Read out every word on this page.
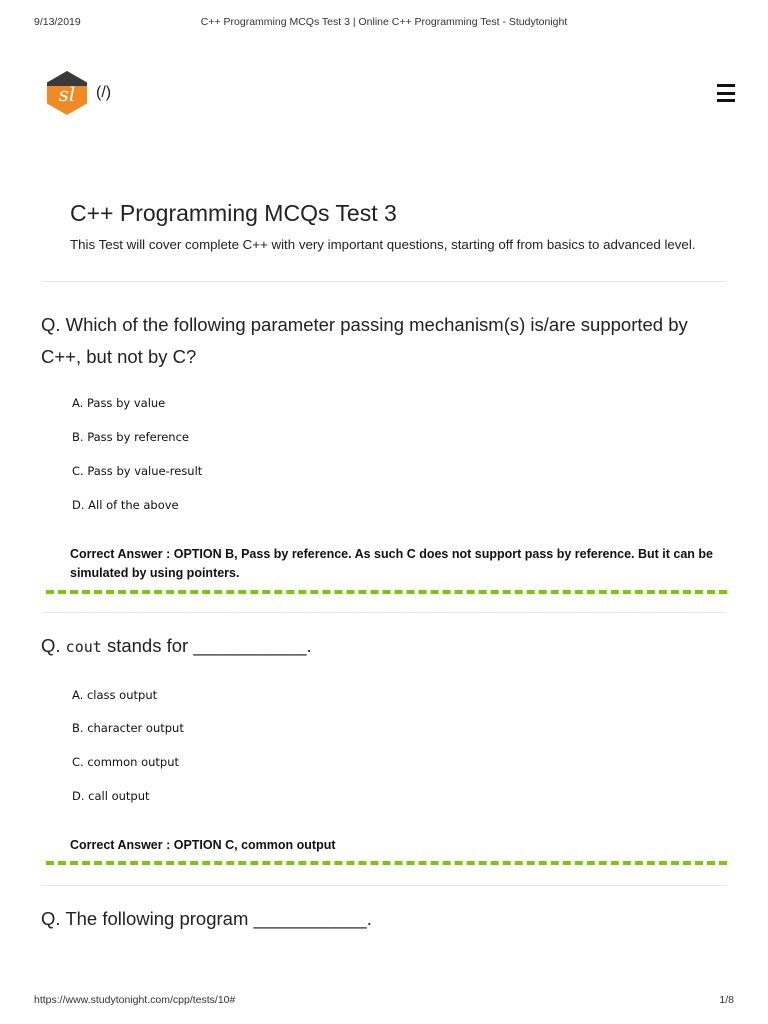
9/13/2019	C++ Programming MCQs Test 3 | Online C++ Programming Test - Studytonight
sl (/)
C++ Programming MCQs Test 3

This Test will cover complete C++ with very important questions, starting off from basics to advanced level.

Q. Which of the following parameter passing mechanism(s) is/are supported by C++, but not by C?

A. Pass by value
B. Pass by reference
C. Pass by value-result
D. All of the above
Correct Answer : OPTION B, Pass by reference. As such C does not support pass by reference. But it can be simulated by using pointers.

Q. cout stands for ___________.

A. class output
B. character output
C. common output
D. call output
Correct Answer : OPTION C, common output

Q. The following program ___________.

https://www.studytonight.com/cpp/tests/10#	1/8
